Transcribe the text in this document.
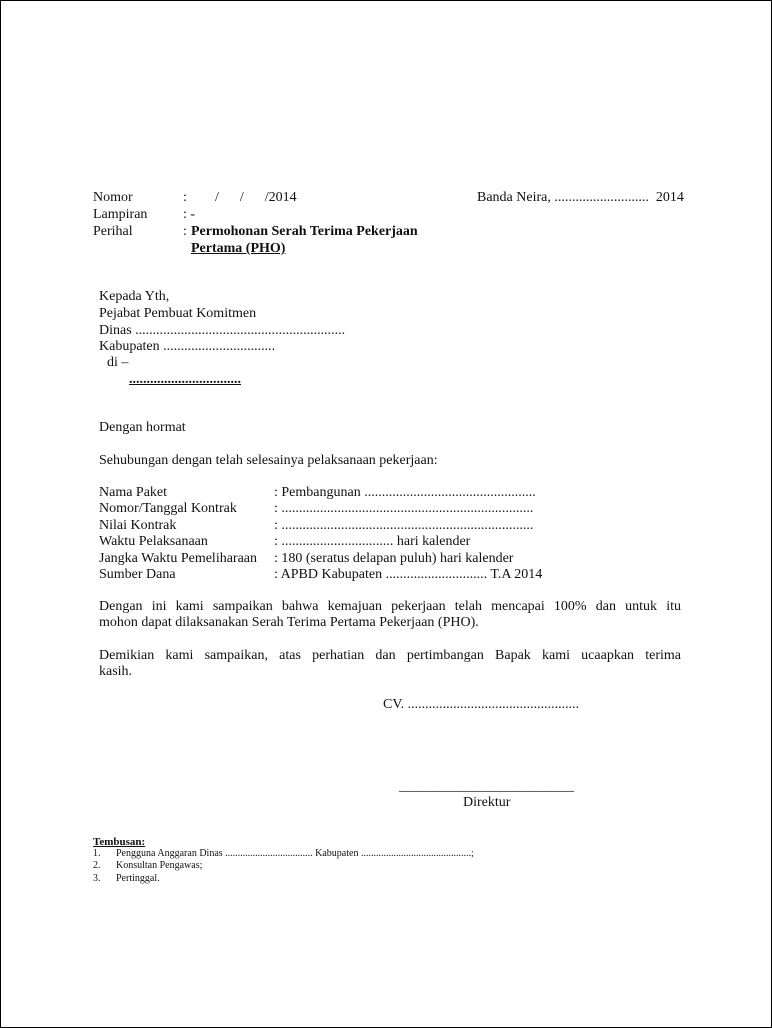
Nomor	: /      /      /2014	Banda Neira, ...........................  2014
Lampiran	: -
Perihal	: Permohonan Serah Terima Pekerjaan
Pertama (PHO)
Kepada Yth,
Pejabat Pembuat Komitmen
Dinas ............................................................
Kabupaten ................................
di –
................................
Dengan hormat
Sehubungan dengan telah selesainya pelaksanaan pekerjaan:
Nama Paket	: Pembangunan .................................................
Nomor/Tanggal Kontrak	: ........................................................................
Nilai Kontrak	: ........................................................................
Waktu Pelaksanaan	: ................................ hari kalender
Jangka Waktu Pemeliharaan : 180 (seratus delapan puluh) hari kalender
Sumber Dana	: APBD Kabupaten ............................. T.A 2014
Dengan ini kami sampaikan bahwa kemajuan pekerjaan telah mencapai 100% dan untuk itu
mohon dapat dilaksanakan Serah Terima Pertama Pekerjaan (PHO).
Demikian kami sampaikan, atas perhatian dan pertimbangan Bapak kami ucaapkan terima
kasih.
CV. .................................................
_________________________
Direktur
Tembusan:
1. Pengguna Anggaran Dinas ................................... Kabupaten ............................................;
2. Konsultan Pengawas;
3. Pertinggal.
